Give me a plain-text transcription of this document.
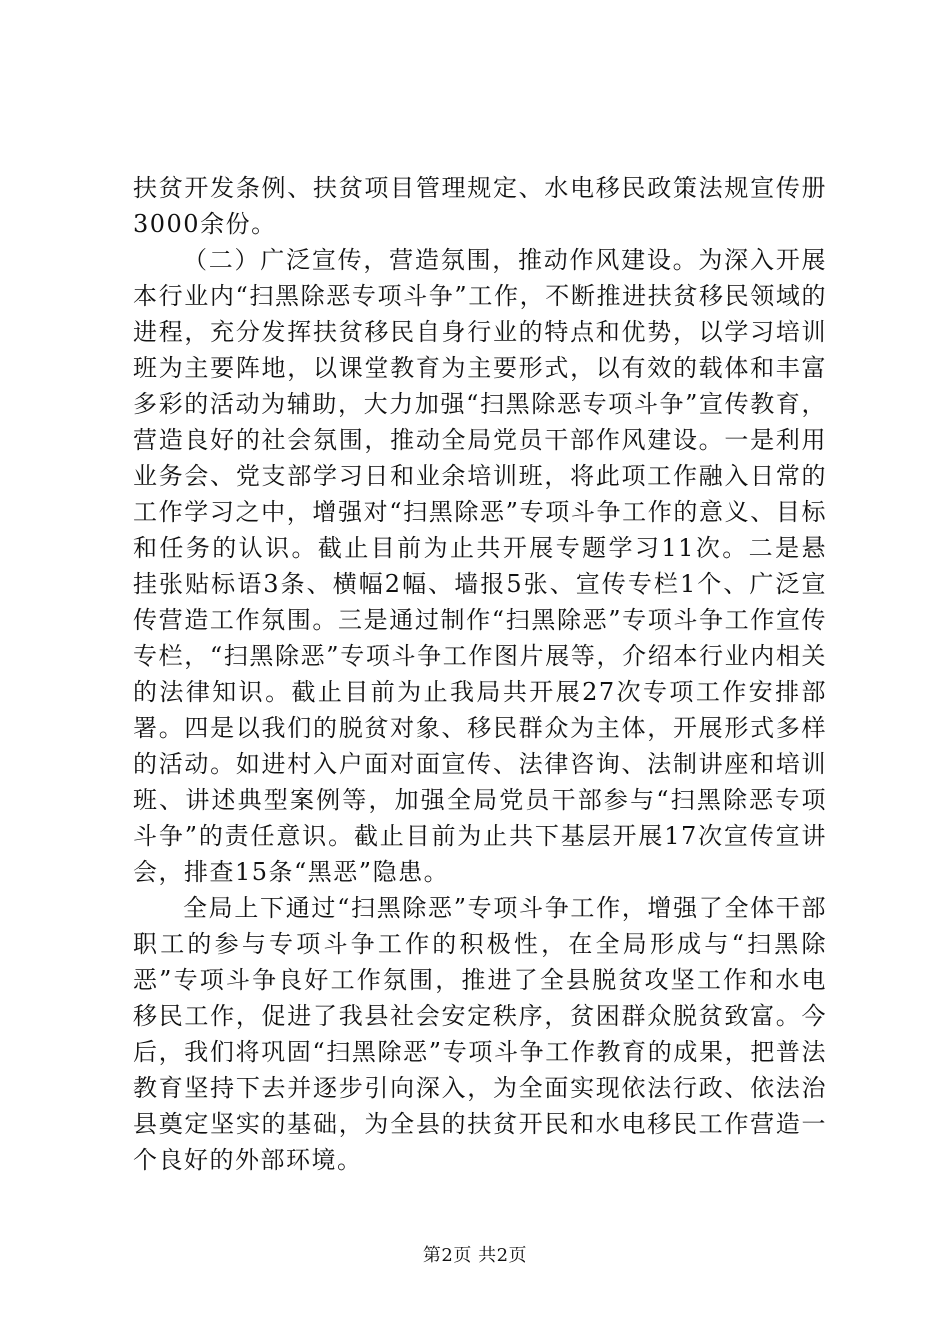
扶贫开发条例、扶贫项目管理规定、水电移民政策法规宣传册3000余份。

（二）广泛宣传，营造氛围，推动作风建设。为深入开展本行业内“扫黑除恶专项斗争”工作，不断推进扶贫移民领域的进程，充分发挥扶贫移民自身行业的特点和优势，以学习培训班为主要阵地，以课堂教育为主要形式，以有效的载体和丰富多彩的活动为辅助，大力加强“扫黑除恶专项斗争”宣传教育，营造良好的社会氛围，推动全局党员干部作风建设。一是利用业务会、党支部学习日和业余培训班，将此项工作融入日常的工作学习之中，增强对“扫黑除恶”专项斗争工作的意义、目标和任务的认识。截止目前为止共开展专题学习11次。二是悬挂张贴标语3条、横幅2幅、墙报5张、宣传专栏1个、广泛宣传营造工作氛围。三是通过制作“扫黑除恶”专项斗争工作宣传专栏，“扫黑除恶”专项斗争工作图片展等，介绍本行业内相关的法律知识。截止目前为止我局共开展27次专项工作安排部署。四是以我们的脱贫对象、移民群众为主体，开展形式多样的活动。如进村入户面对面宣传、法律咨询、法制讲座和培训班、讲述典型案例等，加强全局党员干部参与“扫黑除恶专项斗争”的责任意识。截止目前为止共下基层开展17次宣传宣讲会，排查15条“黑恶”隐患。

全局上下通过“扫黑除恶”专项斗争工作，增强了全体干部职工的参与专项斗争工作的积极性，在全局形成与“扫黑除恶”专项斗争良好工作氛围，推进了全县脱贫攻坚工作和水电移民工作，促进了我县社会安定秩序，贫困群众脱贫致富。今后，我们将巩固“扫黑除恶”专项斗争工作教育的成果，把普法教育坚持下去并逐步引向深入，为全面实现依法行政、依法治县奠定坚实的基础，为全县的扶贫开民和水电移民工作营造一个良好的外部环境。

第2页 共2页
